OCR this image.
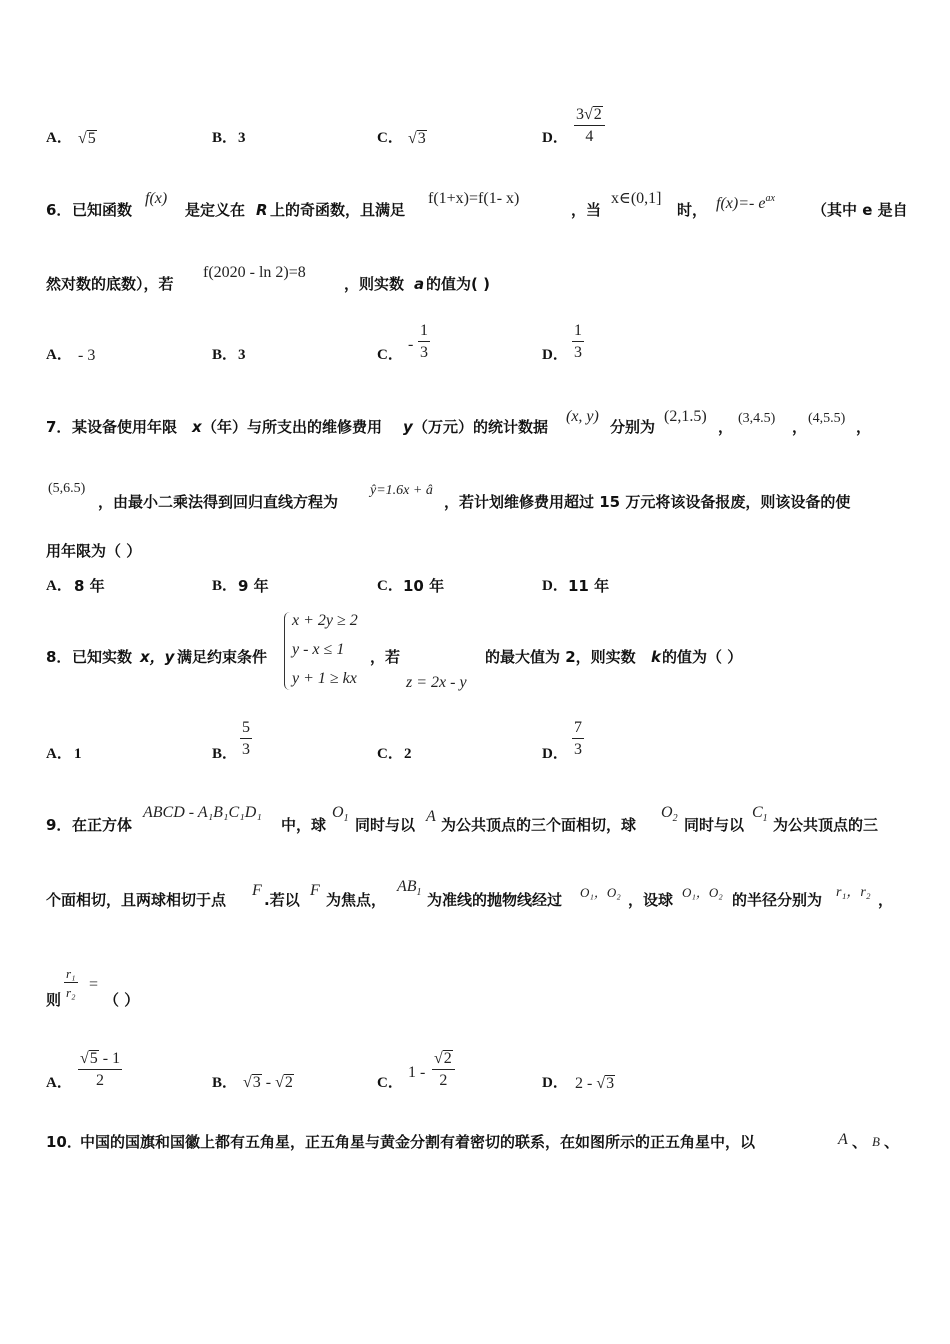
A． √5	B． 3	C． √3	D． $\frac{3√2}{4}$
6． 已知函数
f(x)
是定义在 R 上的奇函数，且满足
f(1+x)=f(1- x)
，当
x∈(0,1]
时， f(x)=- $e^{ax}$
（其中 e 是自
然对数的底数），若
f(2020 - ln 2)=8
，则实数 a 的值为( )
A． - 3	B． 3	C．
- $\frac{1}{3}$	D． $\frac{1}{3}$
7． 某设备使用年限 x （年）与所支出的维修费用 y （万元）的统计数据
(x, y)
分别为
(2,1.5)
， (3,4.5) ， (4,5.5) ，
(5,6.5)
，由最小二乘法得到回归直线方程为
ŷ=1.6x + â
，若计划维修费用超过 15 万元将该设备报废，则该设备的使
用年限为（ ）
A． 8 年	B． 9 年	C． 10 年	D． 11 年
8． 已知实数 x，y 满足约束条件
x + 2y ≥ 2
y - x ≤ 1
y + 1 ≥ kx
，若
z = 2x - y
的最大值为 2，则实数 k 的值为（ ）
A． 1	B． $\frac{5}{3}$	C． 2	D． $\frac{7}{3}$
9． 在正方体
ABCD - A₁B₁C₁D₁
中，球
$O_1$ 同时与以 A 为公共顶点的三个面相切，球
$O_2$ 同时与以
$C_1$ 为公共顶点的三
个面相切，且两球相切于点
F
.若以
F
为焦点，
$AB_1$ 为准线的抛物线经过 O₁，O₂ ，设球 O₁，O₂ 的半径分别为 r₁，r₂ ，
则 $\frac{\text{r₁}}{\text{r₂}}$ =
（ ）
A． $\frac{√5 - 1}{2}$	B． √3 - √2	C．
$1 - \frac{√2}{2}$	D． 2 - √3
10．
中国的国旗和国徽上都有五角星，正五角星与黄金分割有着密切的联系，在如图所示的正五角星中，以	A 、 B 、
